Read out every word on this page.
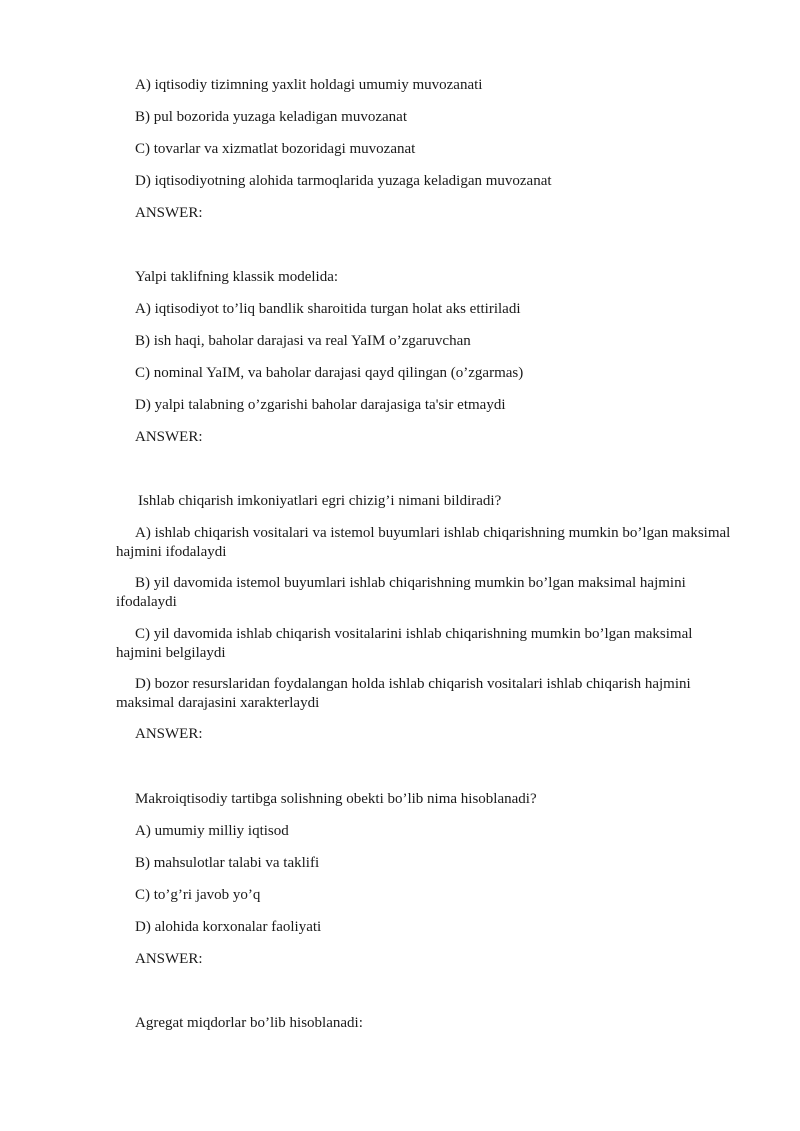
A) iqtisodiy tizimning yaxlit holdagi umumiy muvozanati
B) pul bozorida yuzaga keladigan muvozanat
C) tovarlar va xizmatlat bozoridagi muvozanat
D) iqtisodiyotning alohida tarmoqlarida yuzaga keladigan muvozanat
ANSWER:
Yalpi taklifning klassik modelida:
A) iqtisodiyot to’liq bandlik sharoitida turgan holat aks ettiriladi
B) ish haqi, baholar darajasi va real YaIM o’zgaruvchan
C) nominal YaIM, va baholar darajasi qayd qilingan (o’zgarmas)
D) yalpi talabning o’zgarishi baholar darajasiga ta'sir etmaydi
ANSWER:
Ishlab chiqarish imkoniyatlari egri chizig’i nimani bildiradi?
A) ishlab chiqarish vositalari va istemol buyumlari ishlab chiqarishning mumkin bo’lgan maksimal hajmini ifodalaydi
B) yil davomida istemol buyumlari ishlab chiqarishning mumkin bo’lgan maksimal hajmini ifodalaydi
C) yil davomida ishlab chiqarish vositalarini ishlab chiqarishning mumkin bo’lgan maksimal hajmini belgilaydi
D) bozor resurslaridan foydalangan holda ishlab chiqarish vositalari ishlab chiqarish hajmini maksimal darajasini xarakterlaydi
ANSWER:
Makroiqtisodiy tartibga solishning obekti bo’lib nima hisoblanadi?
A) umumiy milliy iqtisod
B) mahsulotlar talabi va taklifi
C) to’g’ri javob yo’q
D) alohida korxonalar faoliyati
ANSWER:
Agregat miqdorlar bo’lib hisoblanadi:
